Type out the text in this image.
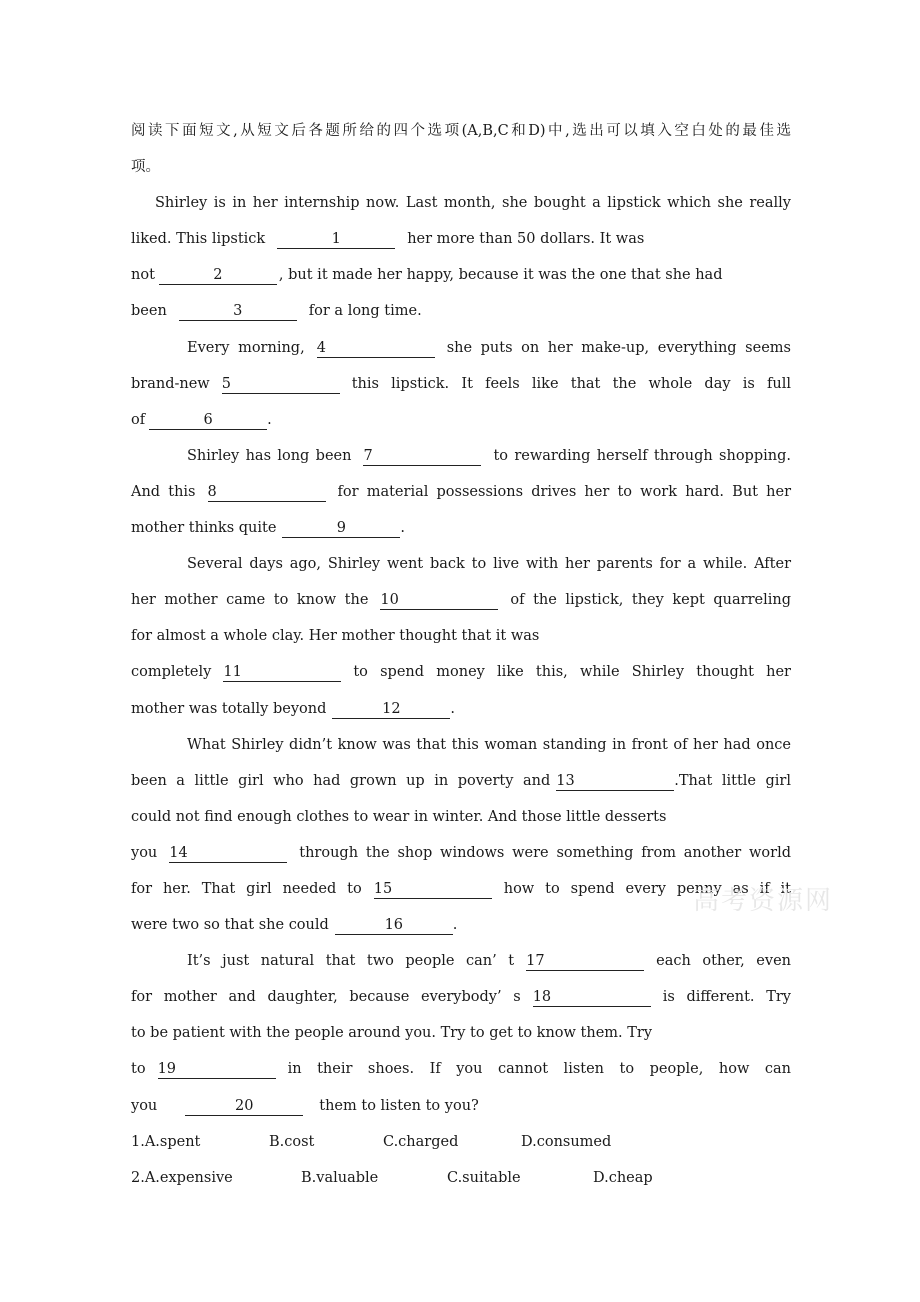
阅读下面短文,从短文后各题所给的四个选项(A,B,C和D)中,选出可以填入空白处的最佳选
项。
Shirley is in her internship now. Last month, she bought a lipstick which she really
liked. This lipstick	1	her more than 50 dollars. It was
not	2	, but it made her happy, because it was the one that she had
been	3	for a long time.
Every morning, 4	she puts on her make-up, everything seems
brand-new 5	this lipstick. It feels like that the whole day is full
of	6	.
Shirley has long been 7	to rewarding herself through shopping.
And this 8	for material possessions drives her to work hard. But her
mother thinks quite	9	.
Several days ago, Shirley went back to live with her parents for a while. After
her mother came to know the 10	of the lipstick, they kept quarreling
for almost a whole clay. Her mother thought that it was
completely 11	to spend money like this, while Shirley thought her
mother was totally beyond	12	.
What Shirley didn’t know was that this woman standing in front of her had once
been a little girl who had grown up in poverty and 13	.That little girl
could not find enough clothes to wear in winter. And those little desserts
you 14	through the shop windows were something from another world
for her. That girl needed to 15	how to spend every penny as if it
were two so that she could	16	.
It’s just natural that two people can’ t 17	each other, even
for mother and daughter, because everybody’ s 18	is different. Try
to be patient with the people around you. Try to get to know them. Try
to 19	in their shoes. If you cannot listen to people, how can
you	20	them to listen to you?
1.A.spent	B.cost	C.charged	D.consumed
2.A.expensive	B.valuable	C.suitable	D.cheap
高考资源网
